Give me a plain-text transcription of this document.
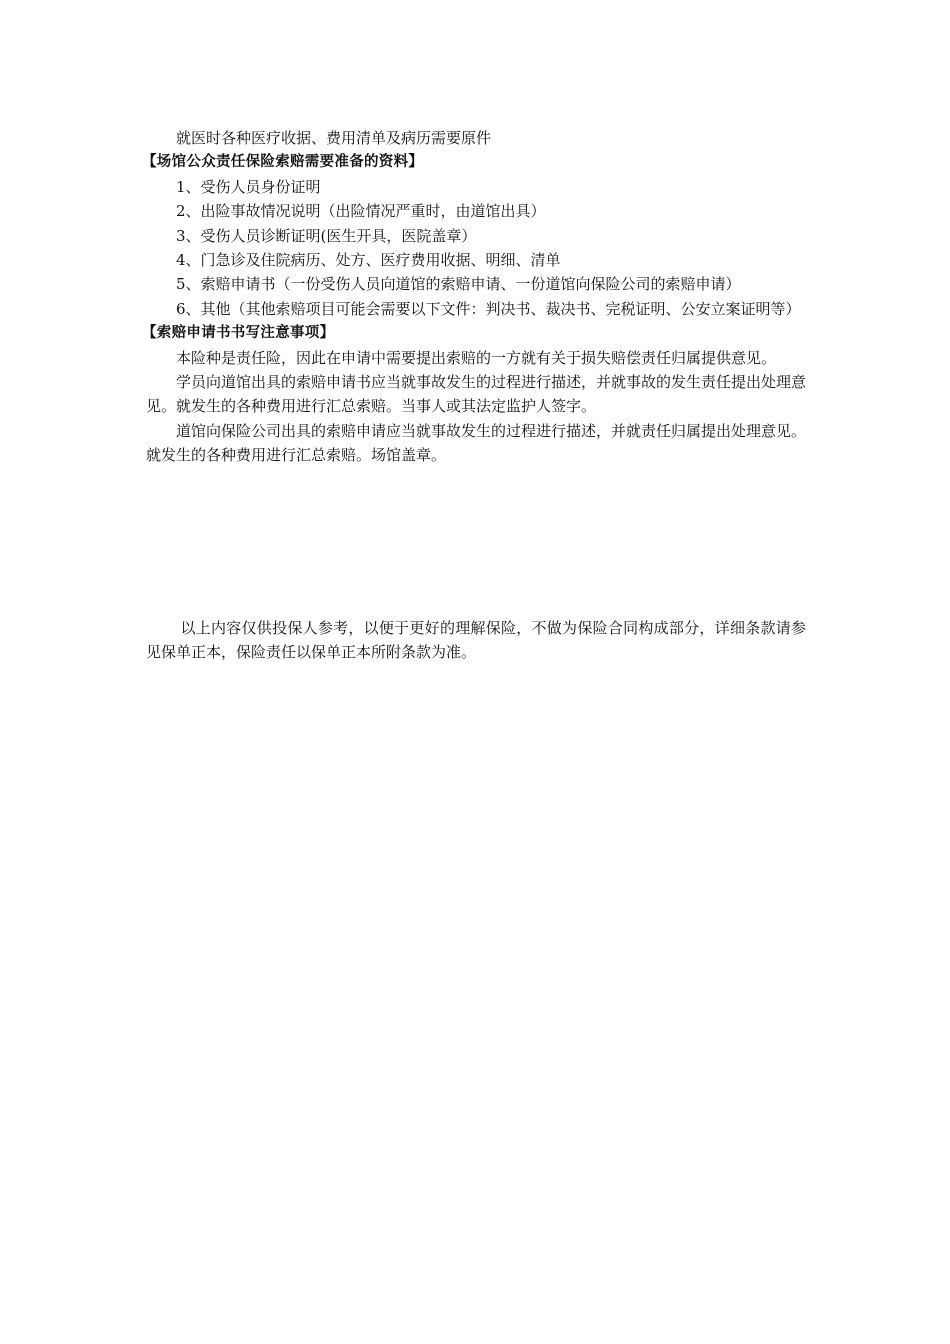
就医时各种医疗收据、费用清单及病历需要原件

【场馆公众责任保险索赔需要准备的资料】

1、受伤人员身份证明
2、出险事故情况说明（出险情况严重时，由道馆出具）
3、受伤人员诊断证明(医生开具，医院盖章）
4、门急诊及住院病历、处方、医疗费用收据、明细、清单
5、索赔申请书（一份受伤人员向道馆的索赔申请、一份道馆向保险公司的索赔申请）
6、其他（其他索赔项目可能会需要以下文件：判决书、裁决书、完税证明、公安立案证明等）

【索赔申请书书写注意事项】

本险种是责任险，因此在申请中需要提出索赔的一方就有关于损失赔偿责任归属提供意见。

学员向道馆出具的索赔申请书应当就事故发生的过程进行描述，并就事故的发生责任提出处理意见。就发生的各种费用进行汇总索赔。当事人或其法定监护人签字。

道馆向保险公司出具的索赔申请应当就事故发生的过程进行描述，并就责任归属提出处理意见。就发生的各种费用进行汇总索赔。场馆盖章。

以上内容仅供投保人参考，以便于更好的理解保险，不做为保险合同构成部分，详细条款请参见保单正本，保险责任以保单正本所附条款为准。
